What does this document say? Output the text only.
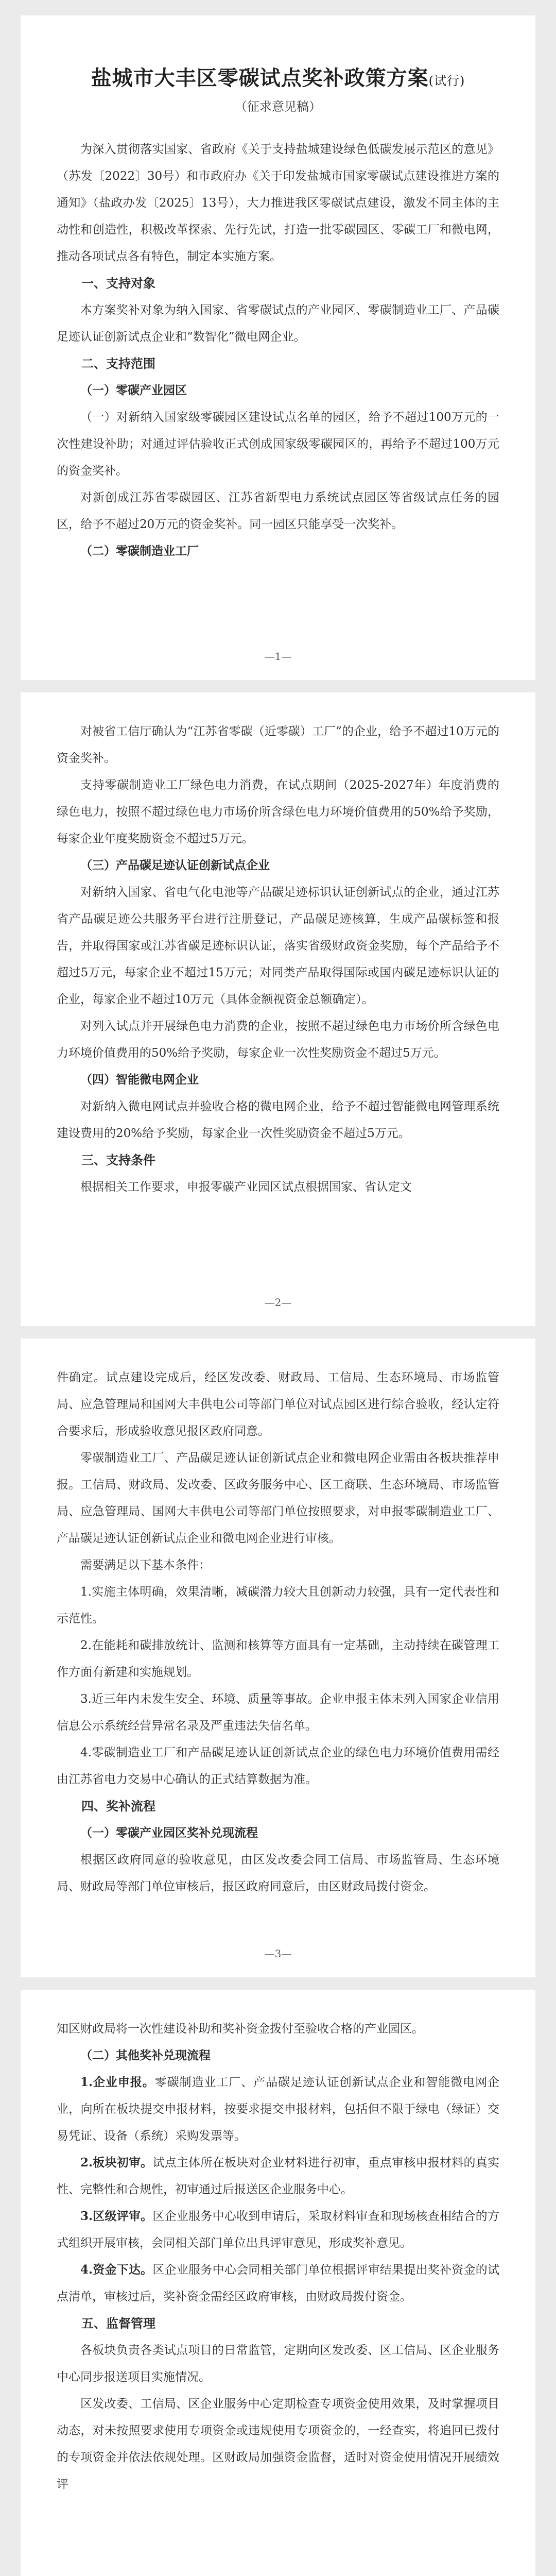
盐城市大丰区零碳试点奖补政策方案(试行)
（征求意见稿）

为深入贯彻落实国家、省政府《关于支持盐城建设绿色低碳发展示范区的意见》（苏发〔2022〕30号）和市政府办《关于印发盐城市国家零碳试点建设推进方案的通知》（盐政办发〔2025〕13号），大力推进我区零碳试点建设，激发不同主体的主动性和创造性，积极改革探索、先行先试，打造一批零碳园区、零碳工厂和微电网，推动各项试点各有特色，制定本实施方案。

一、支持对象

本方案奖补对象为纳入国家、省零碳试点的产业园区、零碳制造业工厂、产品碳足迹认证创新试点企业和“数智化”微电网企业。

二、支持范围
（一）零碳产业园区

（一）对新纳入国家级零碳园区建设试点名单的园区，给予不超过100万元的一次性建设补助；对通过评估验收正式创成国家级零碳园区的，再给予不超过100万元的资金奖补。

对新创成江苏省零碳园区、江苏省新型电力系统试点园区等省级试点任务的园区，给予不超过20万元的资金奖补。同一园区只能享受一次奖补。

（二）零碳制造业工厂
—1—

对被省工信厅确认为“江苏省零碳（近零碳）工厂”的企业，给予不超过10万元的资金奖补。

支持零碳制造业工厂绿色电力消费，在试点期间（2025-2027年）年度消费的绿色电力，按照不超过绿色电力市场价所含绿色电力环境价值费用的50%给予奖励，每家企业年度奖励资金不超过5万元。

（三）产品碳足迹认证创新试点企业

对新纳入国家、省电气化电池等产品碳足迹标识认证创新试点的企业，通过江苏省产品碳足迹公共服务平台进行注册登记，产品碳足迹核算，生成产品碳标签和报告，并取得国家或江苏省碳足迹标识认证，落实省级财政资金奖励，每个产品给予不超过5万元，每家企业不超过15万元；对同类产品取得国际或国内碳足迹标识认证的企业，每家企业不超过10万元（具体金额视资金总额确定）。

对列入试点并开展绿色电力消费的企业，按照不超过绿色电力市场价所含绿色电力环境价值费用的50%给予奖励，每家企业一次性奖励资金不超过5万元。

（四）智能微电网企业

对新纳入微电网试点并验收合格的微电网企业，给予不超过智能微电网管理系统建设费用的20%给予奖励，每家企业一次性奖励资金不超过5万元。

三、支持条件

根据相关工作要求，申报零碳产业园区试点根据国家、省认定文

—2—

件确定。试点建设完成后，经区发改委、财政局、工信局、生态环境局、市场监管局、应急管理局和国网大丰供电公司等部门单位对试点园区进行综合验收，经认定符合要求后，形成验收意见报区政府同意。

零碳制造业工厂、产品碳足迹认证创新试点企业和微电网企业需由各板块推荐申报。工信局、财政局、发改委、区政务服务中心、区工商联、生态环境局、市场监管局、应急管理局、国网大丰供电公司等部门单位按照要求，对申报零碳制造业工厂、产品碳足迹认证创新试点企业和微电网企业进行审核。

需要满足以下基本条件：

1.实施主体明确，效果清晰，减碳潜力较大且创新动力较强，具有一定代表性和示范性。

2.在能耗和碳排放统计、监测和核算等方面具有一定基础，主动持续在碳管理工作方面有新建和实施规划。

3.近三年内未发生安全、环境、质量等事故。企业申报主体未列入国家企业信用信息公示系统经营异常名录及严重违法失信名单。

4.零碳制造业工厂和产品碳足迹认证创新试点企业的绿色电力环境价值费用需经由江苏省电力交易中心确认的正式结算数据为准。

四、奖补流程
（一）零碳产业园区奖补兑现流程

根据区政府同意的验收意见，由区发改委会同工信局、市场监管局、生态环境局、财政局等部门单位审核后，报区政府同意后，由区财政局拨付资金。

—3—

知区财政局将一次性建设补助和奖补资金拨付至验收合格的产业园区。

（二）其他奖补兑现流程

1.企业申报。零碳制造业工厂、产品碳足迹认证创新试点企业和智能微电网企业，向所在板块提交申报材料，按要求提交申报材料，包括但不限于绿电（绿证）交易凭证、设备（系统）采购发票等。

2.板块初审。试点主体所在板块对企业材料进行初审，重点审核申报材料的真实性、完整性和合规性，初审通过后报送区企业服务中心。

3.区级评审。区企业服务中心收到申请后，采取材料审查和现场核查相结合的方式组织开展审核，会同相关部门单位出具评审意见，形成奖补意见。

4.资金下达。区企业服务中心会同相关部门单位根据评审结果提出奖补资金的试点清单，审核过后，奖补资金需经区政府审核，由财政局拨付资金。

五、监督管理

各板块负责各类试点项目的日常监管，定期向区发改委、区工信局、区企业服务中心同步报送项目实施情况。

区发改委、工信局、区企业服务中心定期检查专项资金使用效果，及时掌握项目动态，对未按照要求使用专项资金或违规使用专项资金的，一经查实，将追回已拨付的专项资金并依法依规处理。区财政局加强资金监督，适时对资金使用情况开展绩效评
